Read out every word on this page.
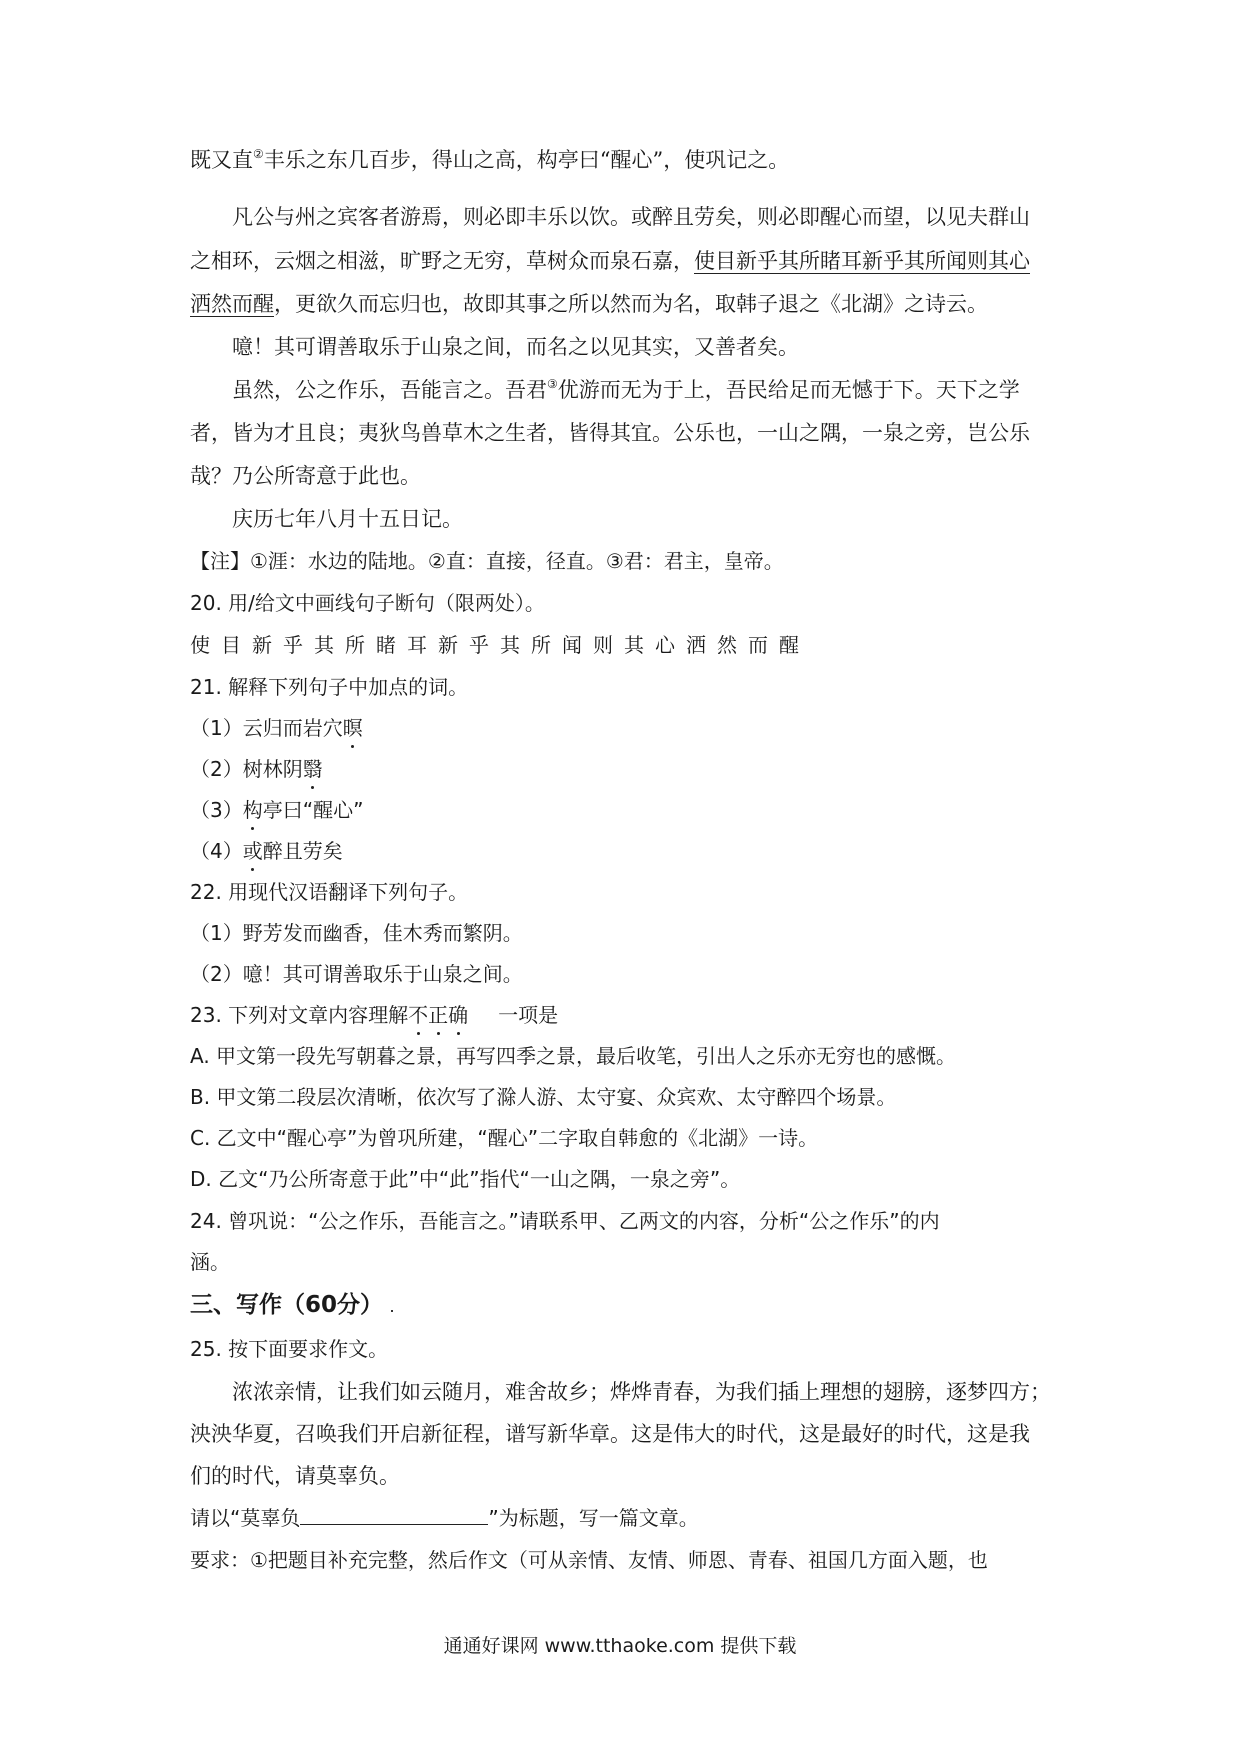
既又直②丰乐之东几百步，得山之高，构亭曰“醒心”，使巩记之。
凡公与州之宾客者游焉，则必即丰乐以饮。或醉且劳矣，则必即醒心而望，以见夫群山
之相环，云烟之相滋，旷野之无穷，草树众而泉石嘉，使目新乎其所睹耳新乎其所闻则其心
洒然而醒，更欲久而忘归也，故即其事之所以然而为名，取韩子退之《北湖》之诗云。
噫！其可谓善取乐于山泉之间，而名之以见其实，又善者矣。
虽然，公之作乐，吾能言之。吾君③优游而无为于上，吾民给足而无憾于下。天下之学
者，皆为才且良；夷狄鸟兽草木之生者，皆得其宜。公乐也，一山之隅，一泉之旁，岂公乐
哉？乃公所寄意于此也。
庆历七年八月十五日记。
【注】①涯：水边的陆地。②直：直接，径直。③君：君主，皇帝。
20. 用/给文中画线句子断句（限两处）。
使目新乎其所睹耳新乎其所闻则其心洒然而醒
21. 解释下列句子中加点的词。
（1）云归而岩穴暝
（2）树林阴翳
（3）构亭曰“醒心”
（4）或醉且劳矣
22. 用现代汉语翻译下列句子。
（1）野芳发而幽香，佳木秀而繁阴。
（2）噫！其可谓善取乐于山泉之间。
23. 下列对文章内容理解不正确 一项是
A. 甲文第一段先写朝暮之景，再写四季之景，最后收笔，引出人之乐亦无穷也的感慨。
B. 甲文第二段层次清晰，依次写了滁人游、太守宴、众宾欢、太守醉四个场景。
C. 乙文中“醒心亭”为曾巩所建，“醒心”二字取自韩愈的《北湖》一诗。
D. 乙文“乃公所寄意于此”中“此”指代“一山之隅，一泉之旁”。
24. 曾巩说：“公之作乐，吾能言之。”请联系甲、乙两文的内容，分析“公之作乐”的内
涵。
三、写作（60分）
25. 按下面要求作文。
浓浓亲情，让我们如云随月，难舍故乡；烨烨青春，为我们插上理想的翅膀，逐梦四方；
泱泱华夏，召唤我们开启新征程，谱写新华章。这是伟大的时代，这是最好的时代，这是我
们的时代，请莫辜负。
请以“莫辜负	”为标题，写一篇文章。
要求：①把题目补充完整，然后作文（可从亲情、友情、师恩、青春、祖国几方面入题，也
通通好课网 www.tthaoke.com 提供下载
